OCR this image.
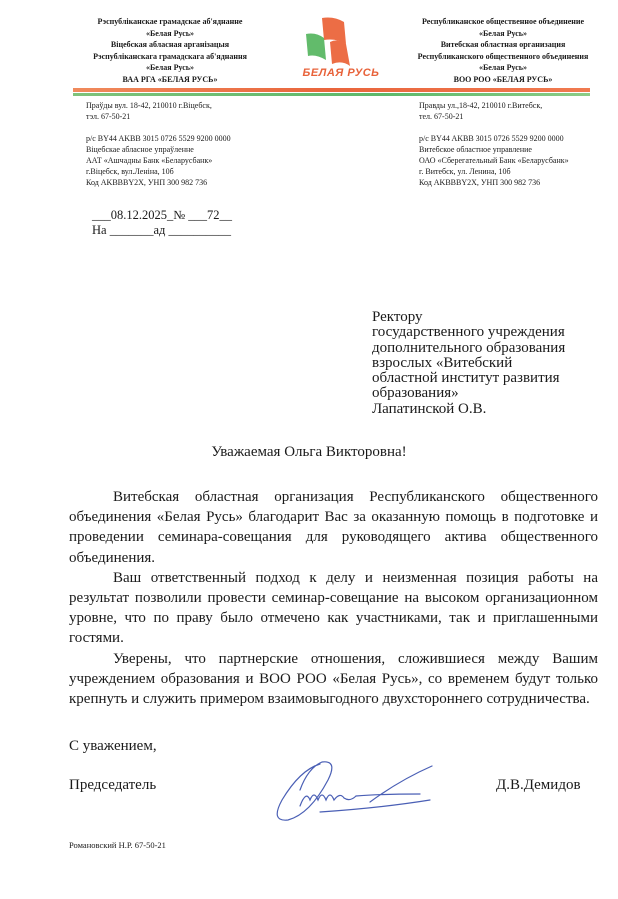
Рэспубліканскае грамадскае аб'яднанне
«Белая Русь»
Віцебская абласная арганізацыя
Рэспубліканскага грамадскага аб'яднання
«Белая Русь»
ВАА РГА «БЕЛАЯ РУСЬ»	БЕЛАЯ РУСЬ
Республиканское общественное объединение
«Белая Русь»
Витебская областная организация
Республиканского общественного объединения
«Белая Русь»
ВОО РОО «БЕЛАЯ РУСЬ»
Праўды вул. 18-42, 210010 г.Віцебск,
тэл. 67-50-21
р/с BY44 AKBB 3015 0726 5529 9200 0000
Віцебскае абласное упраўленне
ААТ «Ашчадны Банк «Беларусбанк»
г.Віцебск, вул.Леніна, 10б
Код AKBBBY2X, УНП 300 982 736
Правды ул.,18-42, 210010 г.Витебск,
тел. 67-50-21
р/с BY44 AKBB 3015 0726 5529 9200 0000
Витебское областное управление
ОАО «Сберегательный Банк «Беларусбанк»
г. Витебск, ул. Ленина, 10б
Код AKBBBY2X, УНП 300 982 736
___08.12.2025_№ ___72__
На _______ад __________
Ректору
государственного учреждения
дополнительного образования
взрослых «Витебский
областной институт развития
образования»
Лапатинской О.В.
Уважаемая Ольга Викторовна!

Витебская областная организация Республиканского общественного объединения «Белая Русь» благодарит Вас за оказанную помощь в подготовке и проведении семинара-совещания для руководящего актива общественного объединения.

Ваш ответственный подход к делу и неизменная позиция работы на результат позволили провести семинар-совещание на высоком организационном уровне, что по праву было отмечено как участниками, так и приглашенными гостями.

Уверены, что партнерские отношения, сложившиеся между Вашим учреждением образования и ВОО РОО «Белая Русь», со временем будут только крепнуть и служить примером взаимовыгодного двухстороннего сотрудничества.

С уважением,
Председатель	Д.В.Демидов
Романовский Н.Р. 67-50-21
